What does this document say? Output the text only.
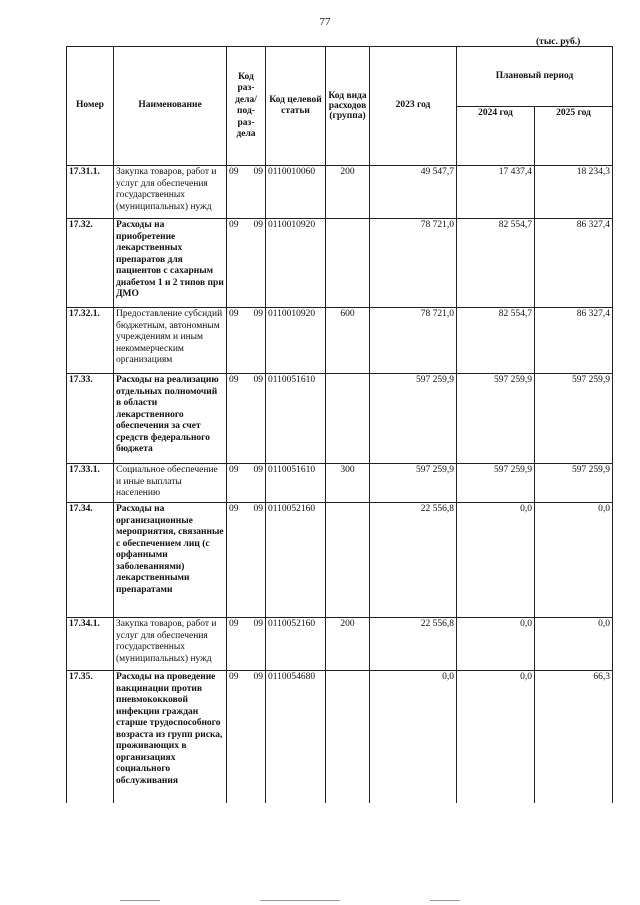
77
(тыс. руб.)
Номер	Наименование	Код раз-дела/ под-раз-дела	Код целевой статьи	Код вида расходов (группа)	2023 год	Плановый период	
						2024 год	2025 год
17.31.1.	Закупка товаров, работ и услуг для обеспечения государственных (муниципальных) нужд	09 09	0110010060	200	49 547,7	17 437,4	18 234,3
17.32.	Расходы на приобретение лекарственных препаратов для пациентов с сахарным диабетом 1 и 2 типов при ДМО	09 09	0110010920		78 721,0	82 554,7	86 327,4
17.32.1.	Предоставление субсидий бюджетным, автономным учреждениям и иным некоммерческим организациям	09 09	0110010920	600	78 721,0	82 554,7	86 327,4
17.33.	Расходы на реализацию отдельных полномочий в области лекарственного обеспечения за счет средств федерального бюджета	09 09	0110051610		597 259,9	597 259,9	597 259,9
17.33.1.	Социальное обеспечение и иные выплаты населению	09 09	0110051610	300	597 259,9	597 259,9	597 259,9
17.34.	Расходы на организационные мероприятия, связанные с обеспечением лиц (с орфанными заболеваниями) лекарственными препаратами	09 09	0110052160		22 556,8	0,0	0,0
17.34.1.	Закупка товаров, работ и услуг для обеспечения государственных (муниципальных) нужд	09 09	0110052160	200	22 556,8	0,0	0,0
17.35.	Расходы на проведение вакцинации против пневмококковой инфекции граждан старше трудоспособного возраста из групп риска, проживающих в организациях социального обслуживания	09 09	0110054680		0,0	0,0	66,3
